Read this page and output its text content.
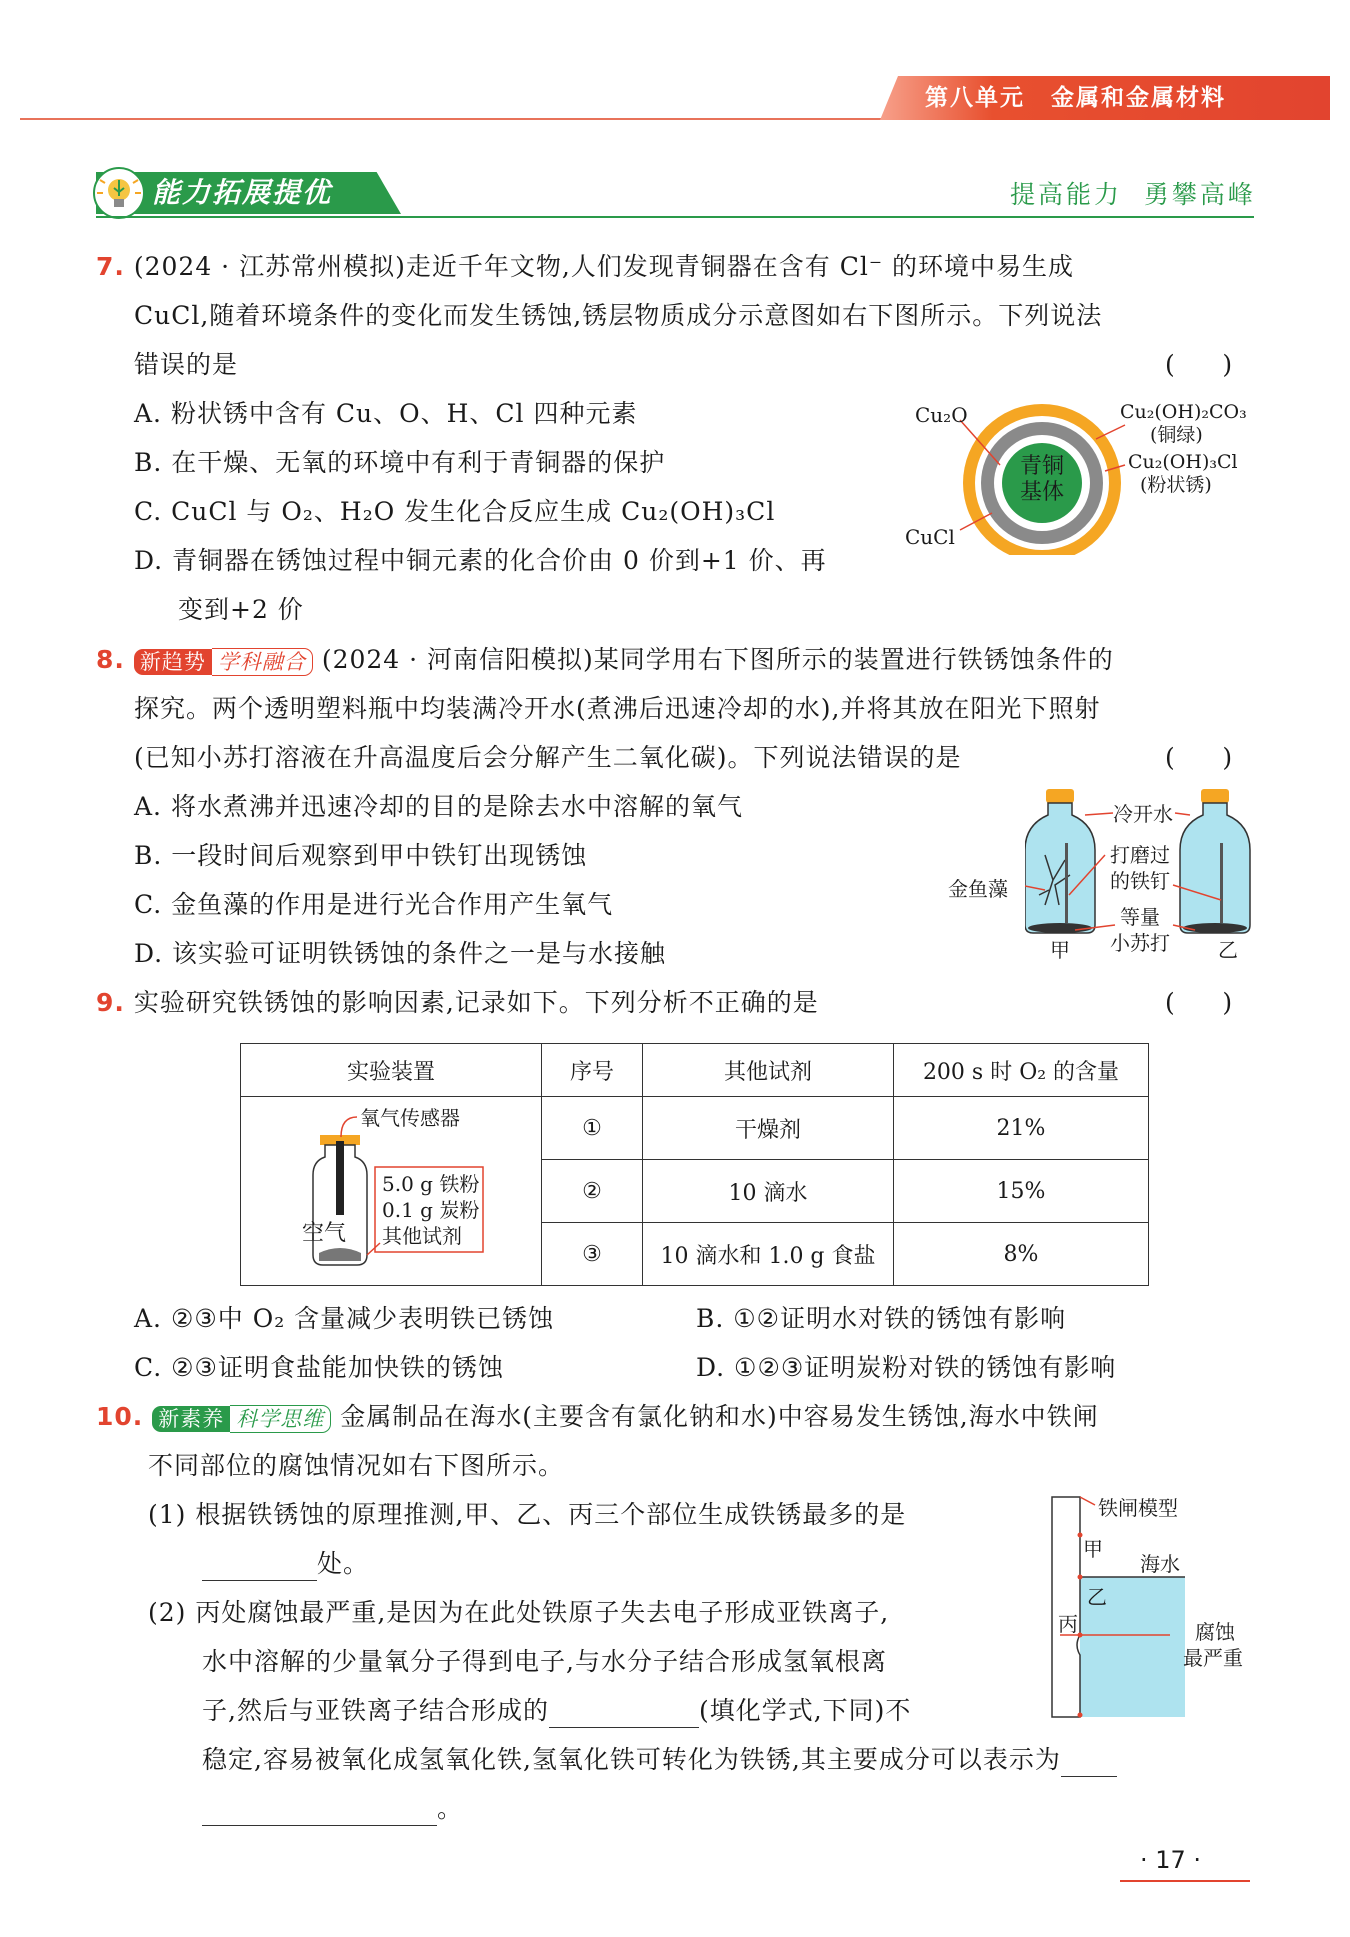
第八单元 金属和金属材料
能力拓展提优	提高能力  勇攀高峰
7. (2024 · 江苏常州模拟)走近千年文物,人们发现青铜器在含有 Cl⁻ 的环境中易生成
CuCl,随着环境条件的变化而发生锈蚀,锈层物质成分示意图如右下图所示。下列说法
错误的是	(      )
A. 粉状锈中含有 Cu、O、H、Cl 四种元素
B. 在干燥、无氧的环境中有利于青铜器的保护
C. CuCl 与 O₂、H₂O 发生化合反应生成 Cu₂(OH)₃Cl
D. 青铜器在锈蚀过程中铜元素的化合价由 0 价到+1 价、再
变到+2 价
Cu₂O
CuCl
青铜
基体
Cu₂(OH)₂CO₃
(铜绿)
Cu₂(OH)₃Cl
(粉状锈)
8. 新趋势 学科融合 (2024 · 河南信阳模拟)某同学用右下图所示的装置进行铁锈蚀条件的
探究。两个透明塑料瓶中均装满冷开水(煮沸后迅速冷却的水),并将其放在阳光下照射
(已知小苏打溶液在升高温度后会分解产生二氧化碳)。下列说法错误的是	(      )
A. 将水煮沸并迅速冷却的目的是除去水中溶解的氧气
B. 一段时间后观察到甲中铁钉出现锈蚀
C. 金鱼藻的作用是进行光合作用产生氧气
D. 该实验可证明铁锈蚀的条件之一是与水接触
冷开水
打磨过
的铁钉
金鱼藻
等量
小苏打
甲	乙
9. 实验研究铁锈蚀的影响因素,记录如下。下列分析不正确的是	(      )
实验装置	序号	其他试剂	200 s 时 O₂ 的含量
	①	干燥剂	21%
	②	10 滴水	15%
	③	10 滴水和 1.0 g 食盐	8%
氧气传感器
空气
5.0 g 铁粉
0.1 g 炭粉
其他试剂
A. ②③中 O₂ 含量减少表明铁已锈蚀	B. ①②证明水对铁的锈蚀有影响
C. ②③证明食盐能加快铁的锈蚀	D. ①②③证明炭粉对铁的锈蚀有影响
10. 新素养 科学思维 金属制品在海水(主要含有氯化钠和水)中容易发生锈蚀,海水中铁闸
不同部位的腐蚀情况如右下图所示。
(1) 根据铁锈蚀的原理推测,甲、乙、丙三个部位生成铁锈最多的是
处。
(2) 丙处腐蚀最严重,是因为在此处铁原子失去电子形成亚铁离子,
水中溶解的少量氧分子得到电子,与水分子结合形成氢氧根离
子,然后与亚铁离子结合形成的	(填化学式,下同)不
稳定,容易被氧化成氢氧化铁,氢氧化铁可转化为铁锈,其主要成分可以表示为
。
铁闸模型
甲
海水
乙
丙	腐蚀
最严重
· 17 ·
